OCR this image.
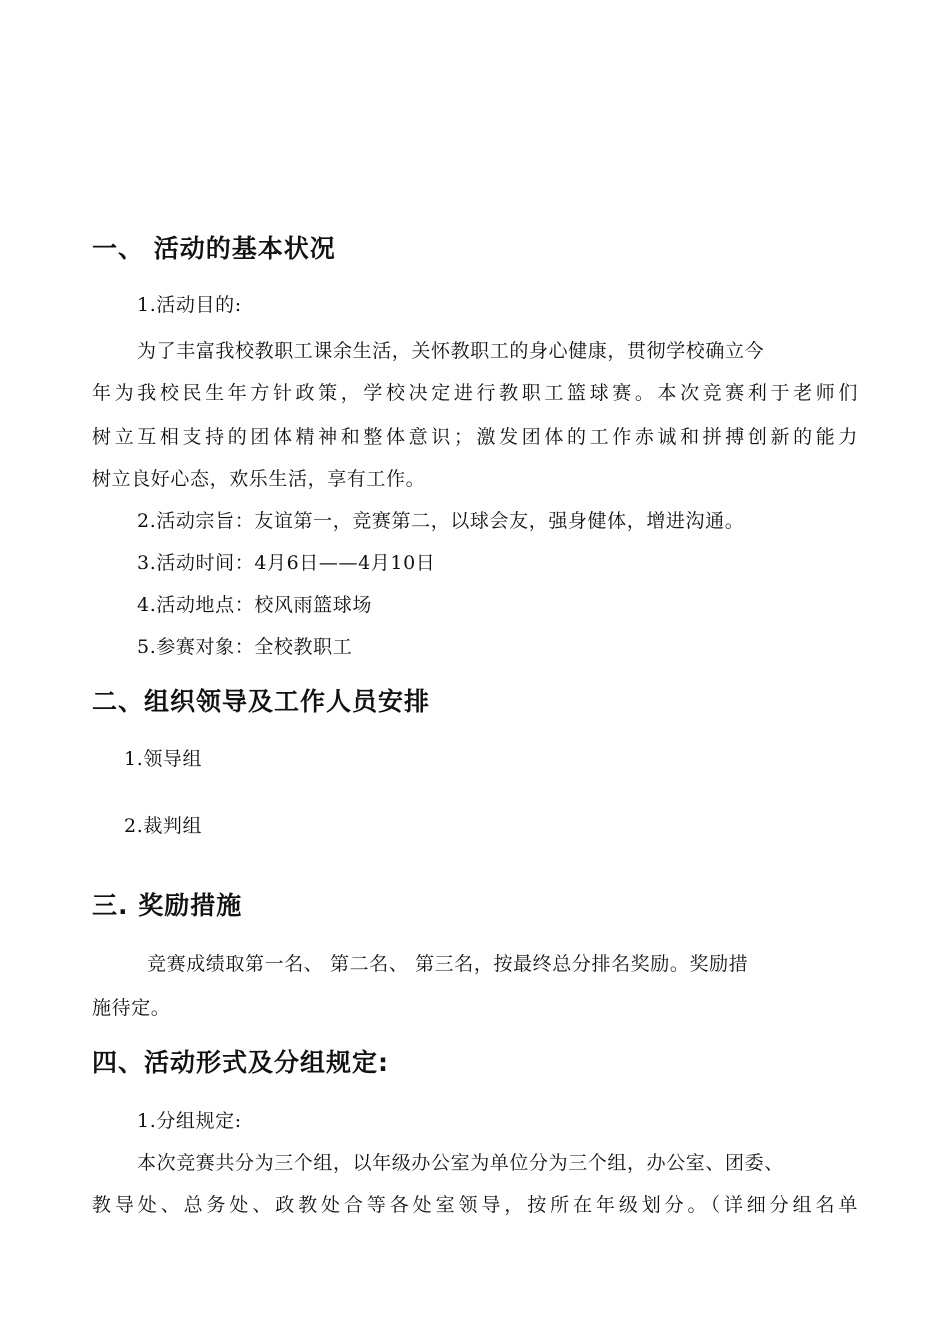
一、 活动的基本状况
1.活动目的:
为了丰富我校教职工课余生活，关怀教职工的身心健康，贯彻学校确立今
年为我校民生年方针政策，学校决定进行教职工篮球赛。本次竞赛利于老师们
树立互相支持的团体精神和整体意识；激发团体的工作赤诚和拼搏创新的能力
树立良好心态，欢乐生活，享有工作。
2.活动宗旨：友谊第一，竞赛第二，以球会友，强身健体，增进沟通。
3.活动时间：4月6日——4月10日
4.活动地点：校风雨篮球场
5.参赛对象：全校教职工
二、组织领导及工作人员安排
1.领导组
2.裁判组
三. 奖励措施
竞赛成绩取第一名、 第二名、 第三名，按最终总分排名奖励。奖励措
施待定。
四、活动形式及分组规定:
1.分组规定:
本次竞赛共分为三个组，以年级办公室为单位分为三个组，办公室、团委、
教导处、总务处、政教处合等各处室领导，按所在年级划分。（详细分组名单
